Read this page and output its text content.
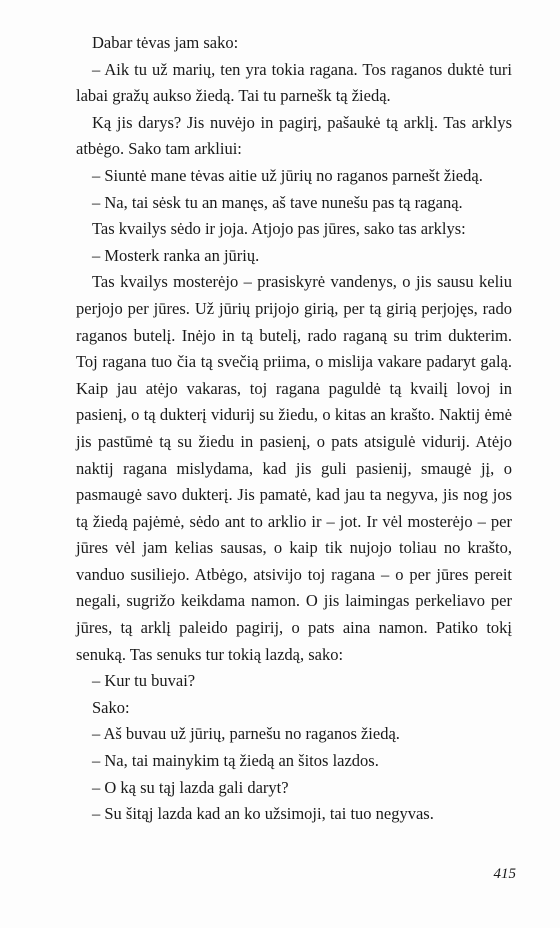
Dabar tėvas jam sako:

– Aik tu už marių, ten yra tokia ragana. Tos raganos duktė turi labai gražų aukso žiedą. Tai tu parnešk tą žiedą.

Ką jis darys? Jis nuvėjo in pagirį, pašaukė tą arklį. Tas arklys atbėgo. Sako tam arkliui:

– Siuntė mane tėvas aitie už jūrių no raganos parnešt žiedą.

– Na, tai sėsk tu an manęs, aš tave nunešu pas tą raganą.

Tas kvailys sėdo ir joja. Atjojo pas jūres, sako tas arklys:

– Mosterk ranka an jūrių.

Tas kvailys mosterėjo – prasiskyrė vandenys, o jis sausu keliu perjojo per jūres. Už jūrių prijojo girią, per tą girią perjojęs, rado raganos butelį. Inėjo in tą butelį, rado raganą su trim dukterim. Toj ragana tuo čia tą svečią priima, o mislija vakare padaryt galą. Kaip jau atėjo vakaras, toj ragana paguldė tą kvailį lovoj in pasienį, o tą dukterį vidurij su žiedu, o kitas an krašto. Naktij ėmė jis pastūmė tą su žiedu in pasienį, o pats atsigulė vidurij. Atėjo naktij ragana mislydama, kad jis guli pasienij, smaugė jį, o pasmaugė savo dukterį. Jis pamatė, kad jau ta negyva, jis nog jos tą žiedą pajėmė, sėdo ant to arklio ir – jot. Ir vėl mosterėjo – per jūres vėl jam kelias sausas, o kaip tik nujojo toliau no krašto, vanduo susiliejo. Atbėgo, atsivijo toj ragana – o per jūres pereit negali, sugrižo keikdama namon. O jis laimingas perkeliavo per jūres, tą arklį paleido pagirij, o pats aina namon. Patiko tokį senuką. Tas senuks tur tokią lazdą, sako:

– Kur tu buvai?

Sako:

– Aš buvau už jūrių, parnešu no raganos žiedą.

– Na, tai mainykim tą žiedą an šitos lazdos.

– O ką su tąj lazda gali daryt?

– Su šitąj lazda kad an ko užsimoji, tai tuo negyvas.

415
